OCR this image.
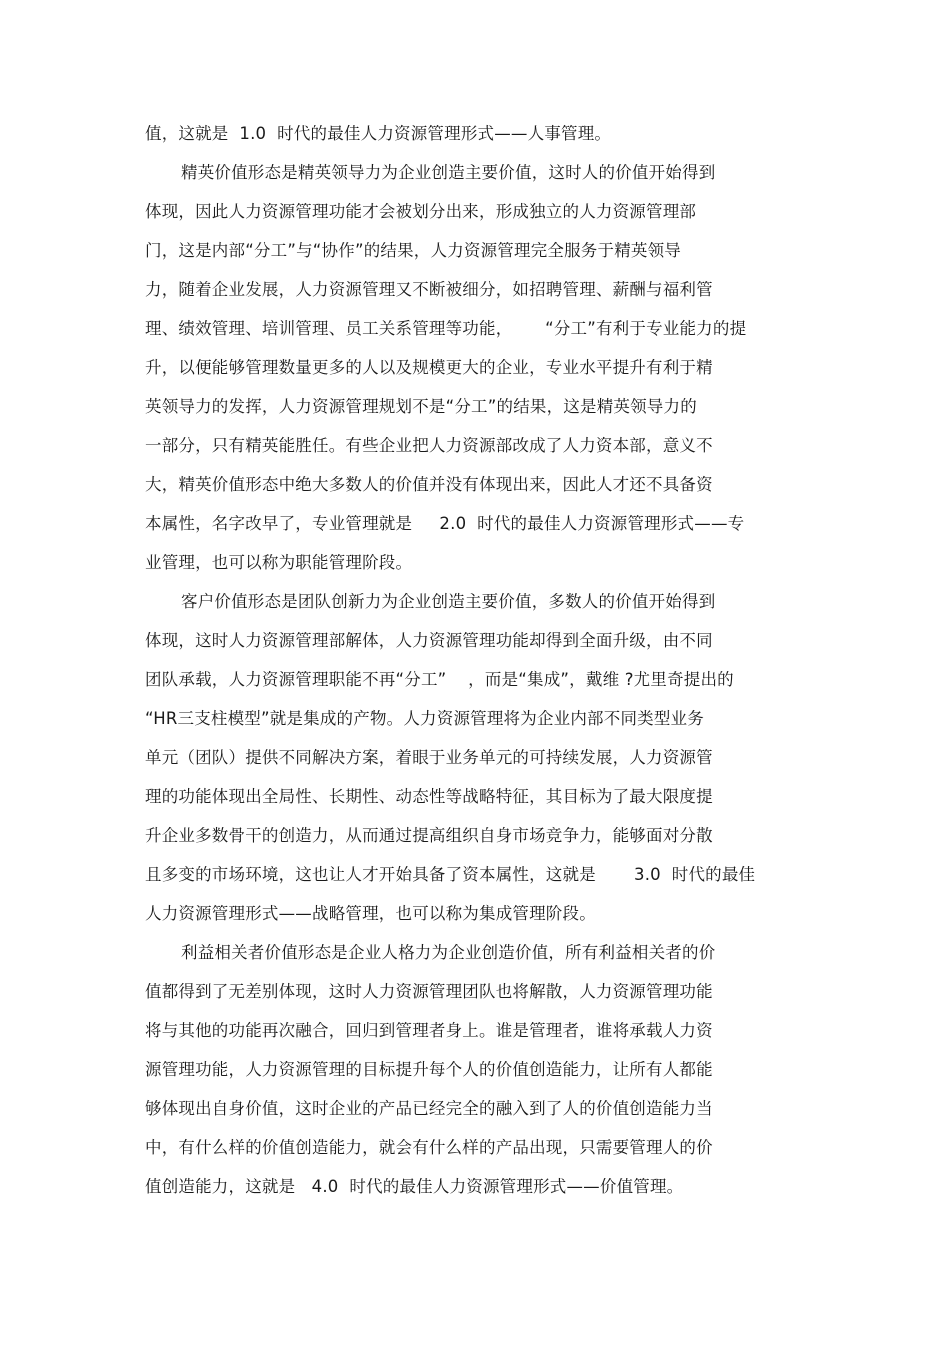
值，这就是  1.0  时代的最佳人力资源管理形式——人事管理。
精英价值形态是精英领导力为企业创造主要价值，这时人的价值开始得到
体现，因此人力资源管理功能才会被划分出来，形成独立的人力资源管理部
门，这是内部“分工”与“协作”的结果，人力资源管理完全服务于精英领导
力，随着企业发展，人力资源管理又不断被细分，如招聘管理、薪酬与福利管
理、绩效管理、培训管理、员工关系管理等功能，      “分工”有利于专业能力的提
升，以便能够管理数量更多的人以及规模更大的企业，专业水平提升有利于精
英领导力的发挥，人力资源管理规划不是“分工”的结果，这是精英领导力的
一部分，只有精英能胜任。有些企业把人力资源部改成了人力资本部，意义不
大，精英价值形态中绝大多数人的价值并没有体现出来，因此人才还不具备资
本属性，名字改早了，专业管理就是     2.0  时代的最佳人力资源管理形式——专
业管理，也可以称为职能管理阶段。
客户价值形态是团队创新力为企业创造主要价值，多数人的价值开始得到
体现，这时人力资源管理部解体，人力资源管理功能却得到全面升级，由不同
团队承载，人力资源管理职能不再“分工”    ，而是“集成”，戴维 ?尤里奇提出的
“HR三支柱模型”就是集成的产物。人力资源管理将为企业内部不同类型业务
单元（团队）提供不同解决方案，着眼于业务单元的可持续发展，人力资源管
理的功能体现出全局性、长期性、动态性等战略特征，其目标为了最大限度提
升企业多数骨干的创造力，从而通过提高组织自身市场竞争力，能够面对分散
且多变的市场环境，这也让人才开始具备了资本属性，这就是       3.0  时代的最佳
人力资源管理形式——战略管理，也可以称为集成管理阶段。
利益相关者价值形态是企业人格力为企业创造价值，所有利益相关者的价
值都得到了无差别体现，这时人力资源管理团队也将解散，人力资源管理功能
将与其他的功能再次融合，回归到管理者身上。谁是管理者，谁将承载人力资
源管理功能，人力资源管理的目标提升每个人的价值创造能力，让所有人都能
够体现出自身价值，这时企业的产品已经完全的融入到了人的价值创造能力当
中，有什么样的价值创造能力，就会有什么样的产品出现，只需要管理人的价
值创造能力，这就是   4.0  时代的最佳人力资源管理形式——价值管理。
